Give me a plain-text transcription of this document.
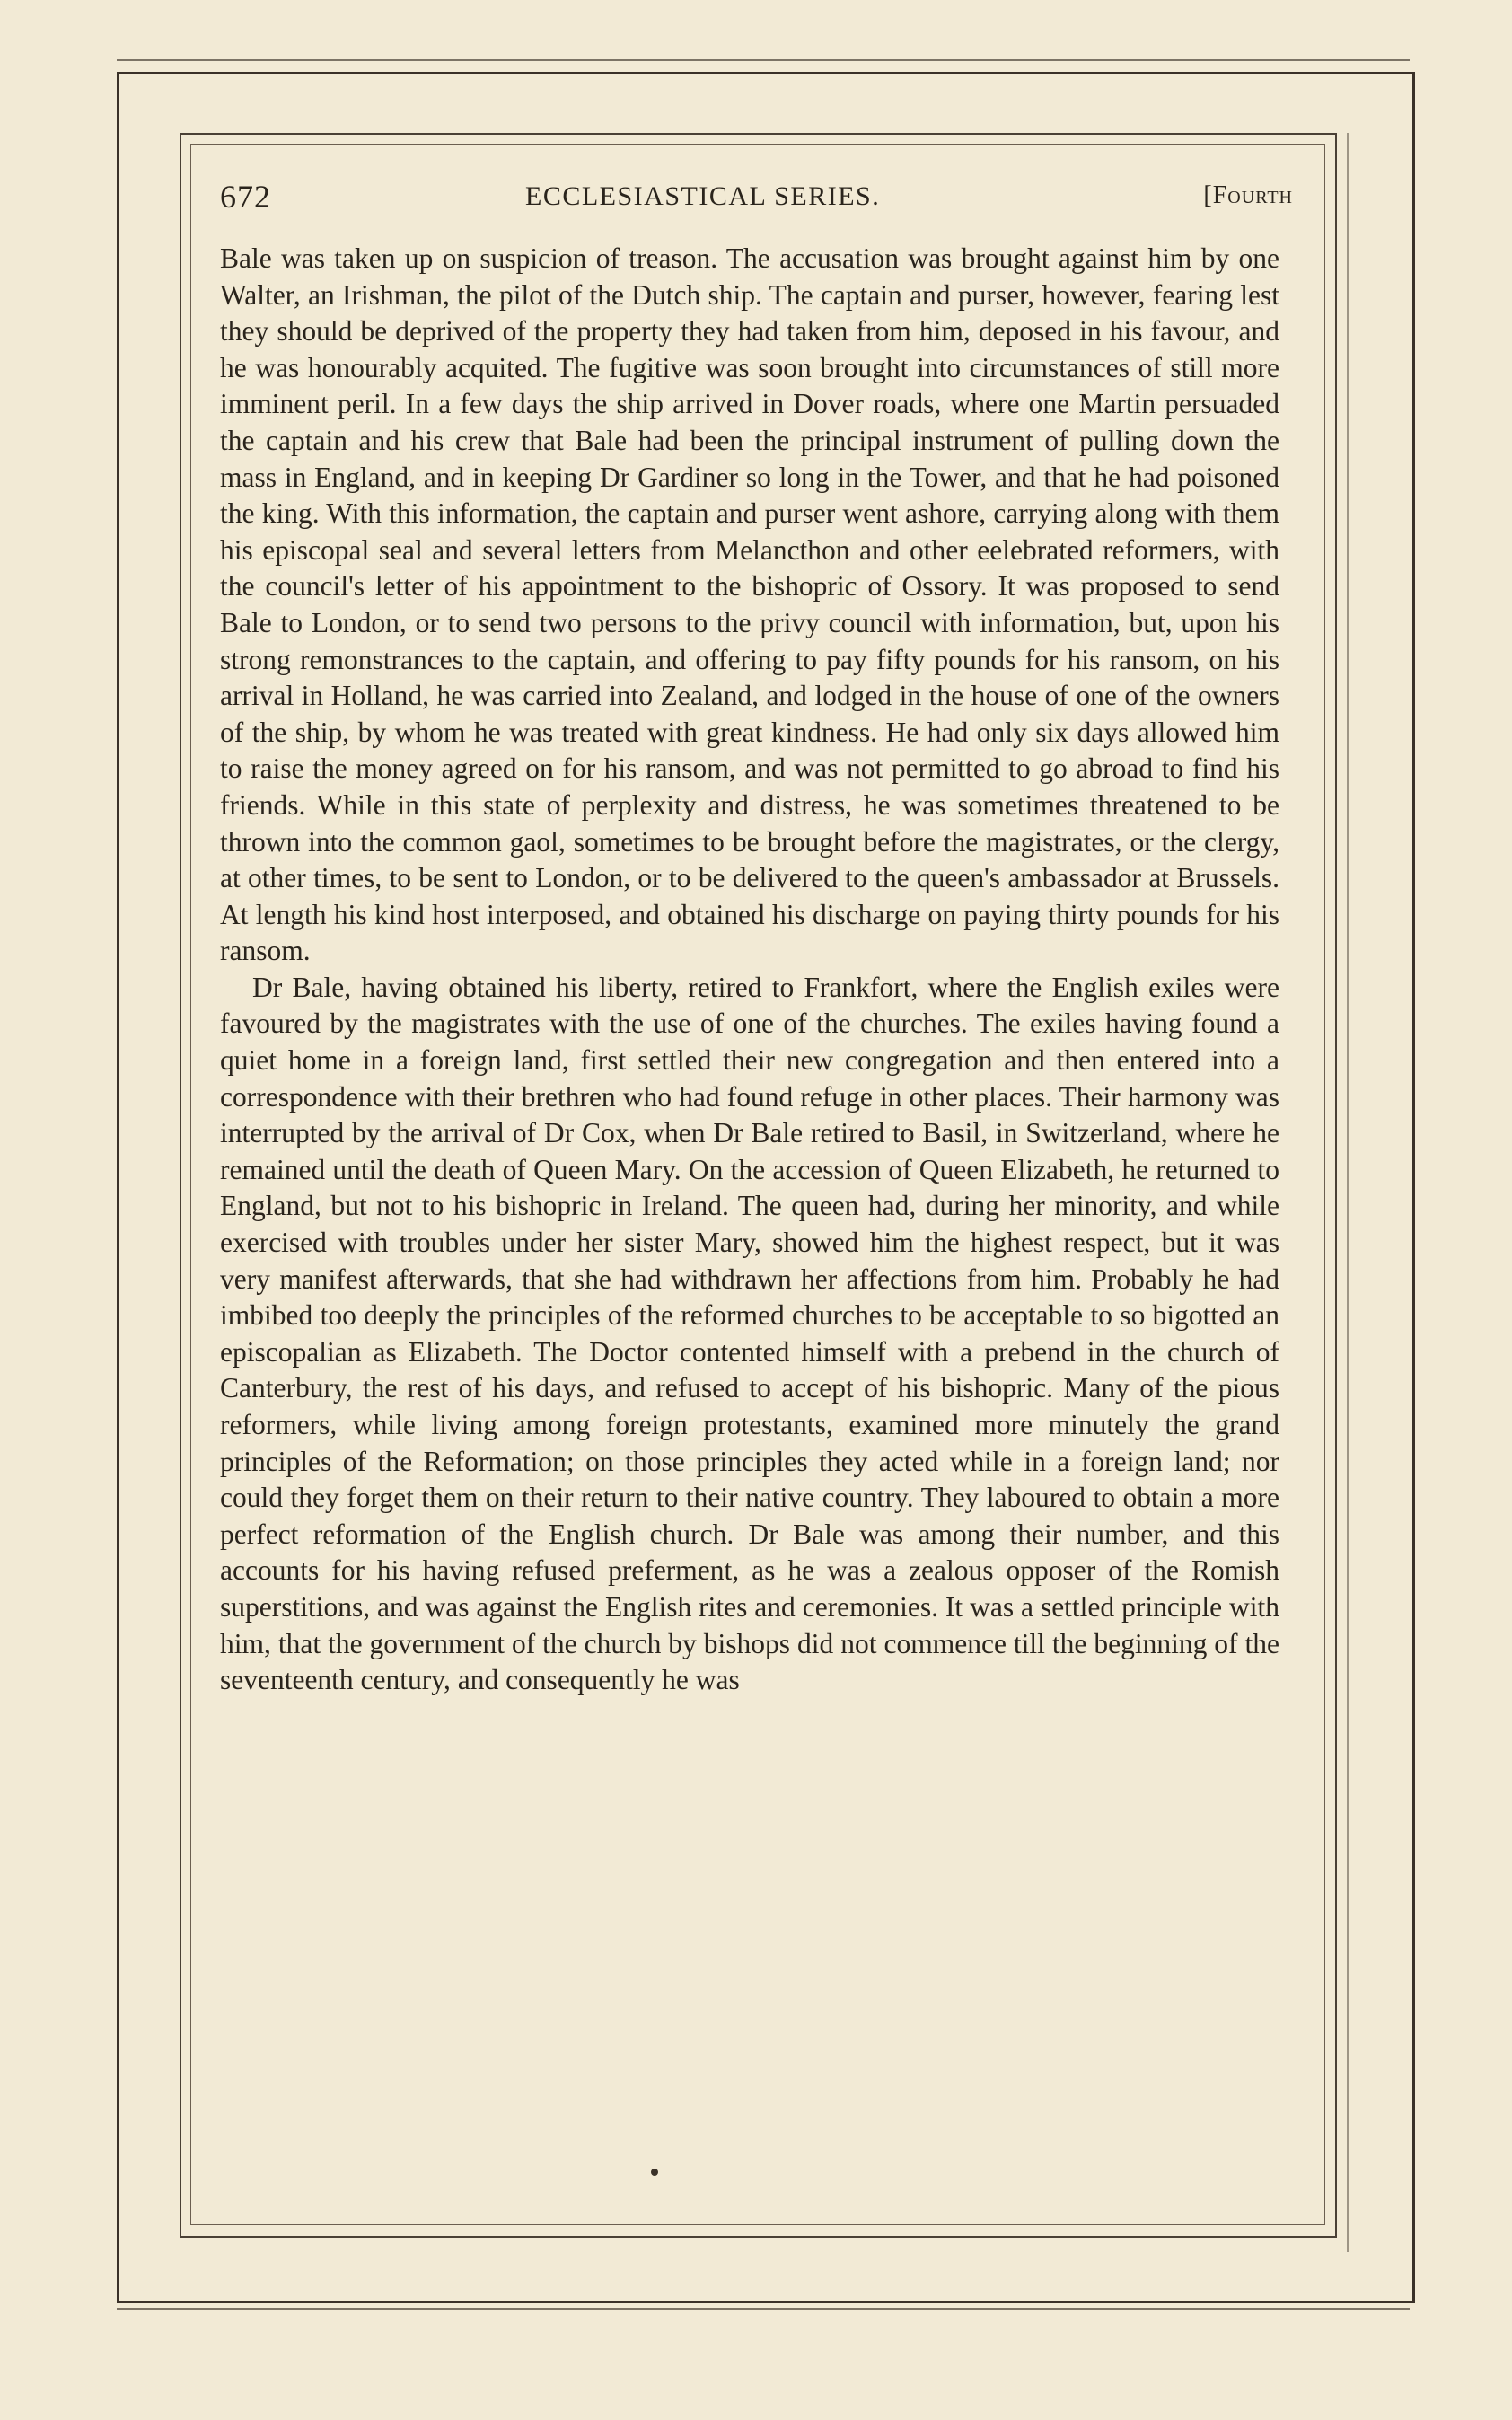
672	ECCLESIASTICAL SERIES.	[Fourth

Bale was taken up on suspicion of treason. The accusation was brought against him by one Walter, an Irishman, the pilot of the Dutch ship. The captain and purser, however, fearing lest they should be deprived of the property they had taken from him, deposed in his favour, and he was honourably acquited. The fugitive was soon brought into circumstances of still more imminent peril. In a few days the ship arrived in Dover roads, where one Martin persuaded the captain and his crew that Bale had been the principal instrument of pulling down the mass in England, and in keeping Dr Gardiner so long in the Tower, and that he had poisoned the king. With this information, the captain and purser went ashore, carrying along with them his episcopal seal and several letters from Melancthon and other eelebrated reformers, with the council's letter of his appointment to the bishopric of Ossory. It was proposed to send Bale to London, or to send two persons to the privy council with information, but, upon his strong remonstrances to the captain, and offering to pay fifty pounds for his ransom, on his arrival in Holland, he was carried into Zealand, and lodged in the house of one of the owners of the ship, by whom he was treated with great kindness. He had only six days allowed him to raise the money agreed on for his ransom, and was not permitted to go abroad to find his friends. While in this state of perplexity and distress, he was sometimes threatened to be thrown into the common gaol, sometimes to be brought before the magistrates, or the clergy, at other times, to be sent to London, or to be delivered to the queen's ambassador at Brussels. At length his kind host interposed, and obtained his discharge on paying thirty pounds for his ransom.

Dr Bale, having obtained his liberty, retired to Frankfort, where the English exiles were favoured by the magistrates with the use of one of the churches. The exiles having found a quiet home in a foreign land, first settled their new congregation and then entered into a correspondence with their brethren who had found refuge in other places. Their harmony was interrupted by the arrival of Dr Cox, when Dr Bale retired to Basil, in Switzerland, where he remained until the death of Queen Mary. On the accession of Queen Elizabeth, he returned to England, but not to his bishopric in Ireland. The queen had, during her minority, and while exercised with troubles under her sister Mary, showed him the highest respect, but it was very manifest afterwards, that she had withdrawn her affections from him. Probably he had imbibed too deeply the principles of the reformed churches to be acceptable to so bigotted an episcopalian as Elizabeth. The Doctor contented himself with a prebend in the church of Canterbury, the rest of his days, and refused to accept of his bishopric. Many of the pious reformers, while living among foreign protestants, examined more minutely the grand principles of the Reformation; on those principles they acted while in a foreign land; nor could they forget them on their return to their native country. They laboured to obtain a more perfect reformation of the English church. Dr Bale was among their number, and this accounts for his having refused preferment, as he was a zealous opposer of the Romish superstitions, and was against the English rites and ceremonies. It was a settled principle with him, that the government of the church by bishops did not commence till the beginning of the seventeenth century, and consequently he was
